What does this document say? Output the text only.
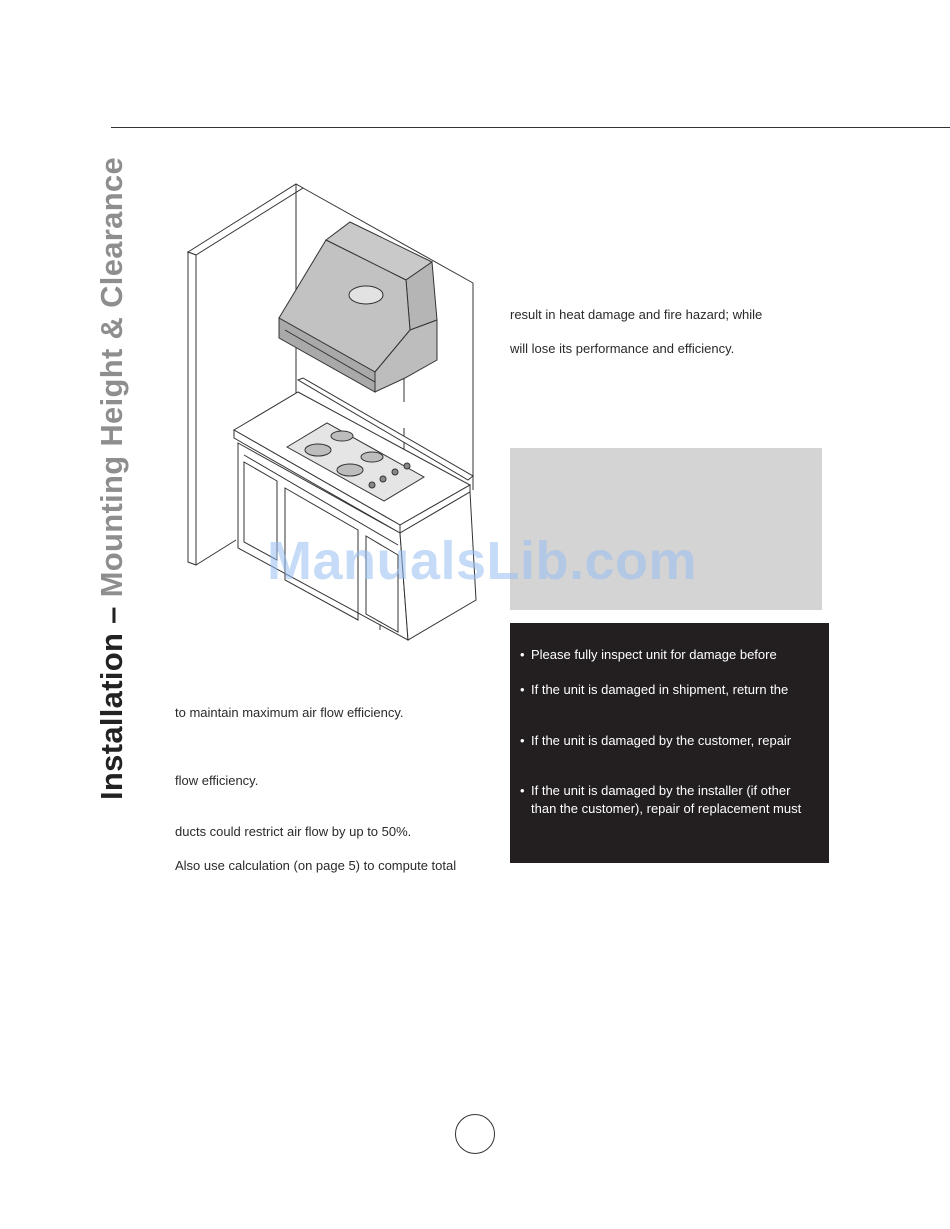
Installation – Mounting Height & Clearance	result in heat damage and fire hazard; while
will lose its performance and efficiency.
• Please fully inspect unit for damage before
• If the unit is damaged in shipment, return the
• If the unit is damaged by the customer, repair
• If the unit is damaged by the installer (if other
than the customer), repair of replacement must
to maintain maximum air flow efficiency.
flow efficiency.
ducts could restrict air flow by up to 50%.
Also use calculation (on page 5) to compute total
ManualsLib.com
